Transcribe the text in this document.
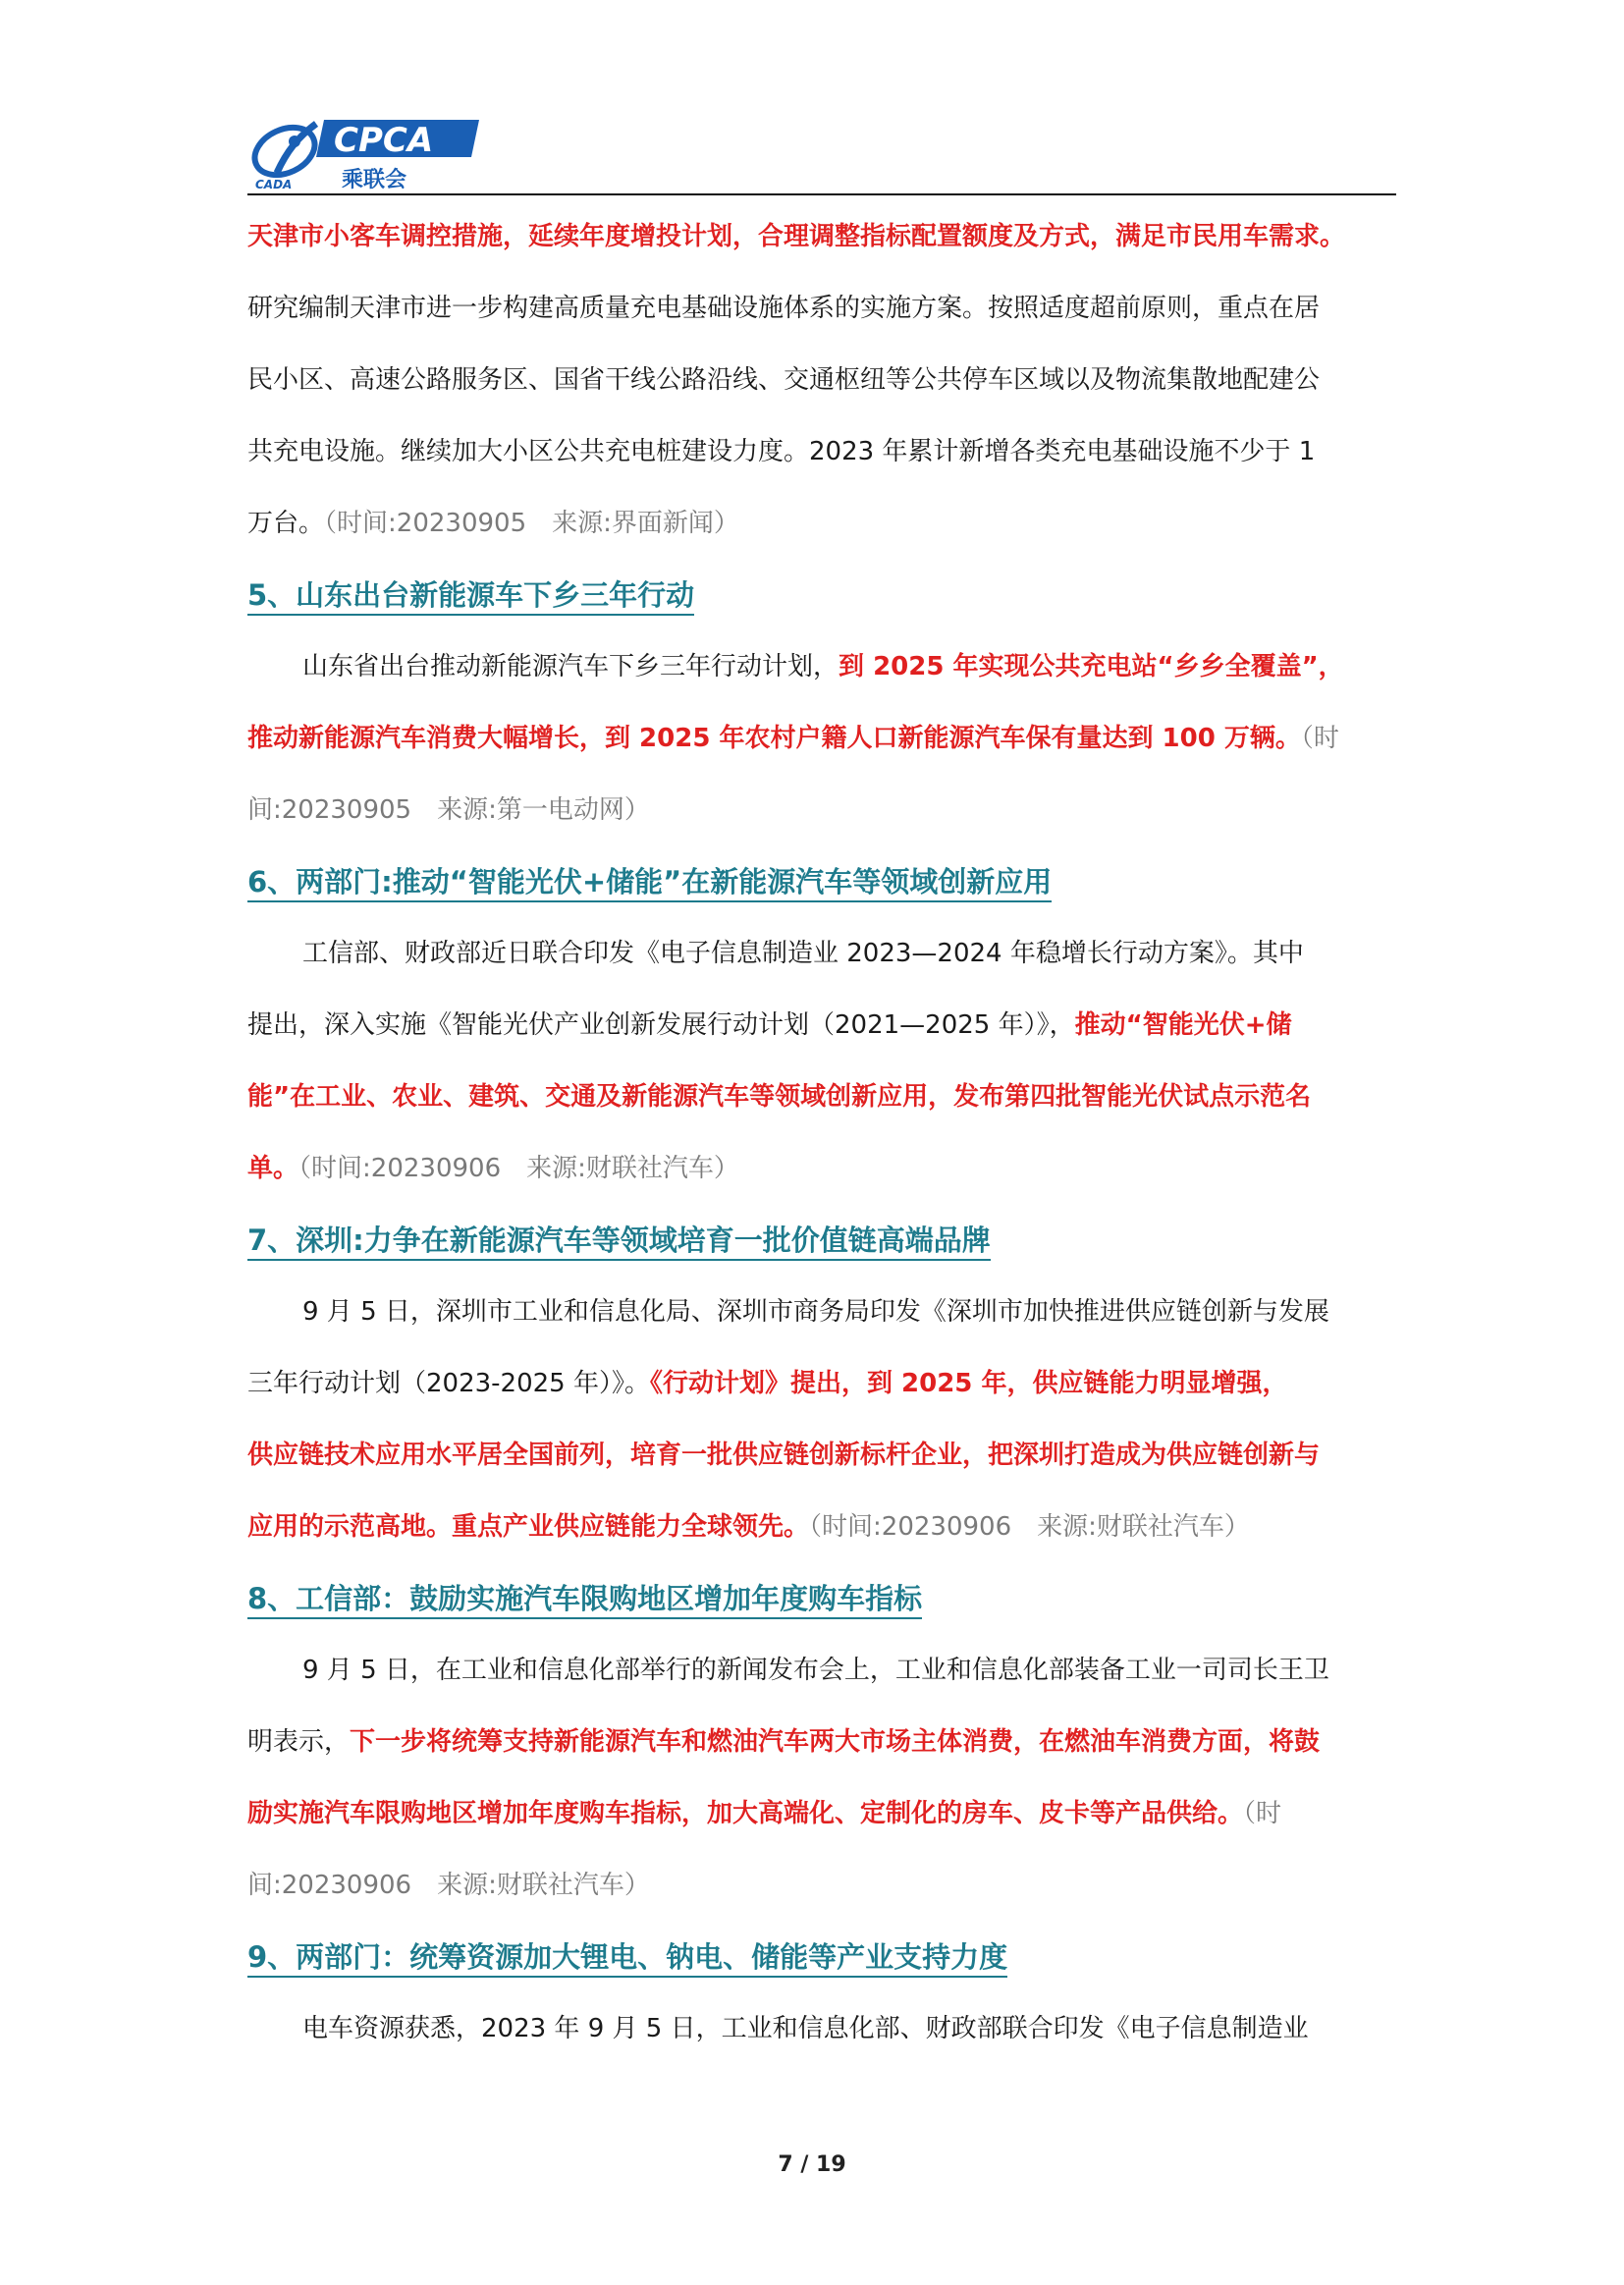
CPCA
乘联会
CADA
天津市小客车调控措施，延续年度增投计划，合理调整指标配置额度及方式，满足市民用车需求。
研究编制天津市进一步构建高质量充电基础设施体系的实施方案。按照适度超前原则，重点在居
民小区、高速公路服务区、国省干线公路沿线、交通枢纽等公共停车区域以及物流集散地配建公
共充电设施。继续加大小区公共充电桩建设力度。2023 年累计新增各类充电基础设施不少于 1
万台。（时间:20230905　来源:界面新闻）
5、山东出台新能源车下乡三年行动
山东省出台推动新能源汽车下乡三年行动计划，到 2025 年实现公共充电站“乡乡全覆盖”，
推动新能源汽车消费大幅增长，到 2025 年农村户籍人口新能源汽车保有量达到 100 万辆。（时
间:20230905　来源:第一电动网）
6、两部门:推动“智能光伏+储能”在新能源汽车等领域创新应用
工信部、财政部近日联合印发《电子信息制造业 2023—2024 年稳增长行动方案》。其中
提出，深入实施《智能光伏产业创新发展行动计划（2021—2025 年）》，推动“智能光伏+储
能”在工业、农业、建筑、交通及新能源汽车等领域创新应用，发布第四批智能光伏试点示范名
单。（时间:20230906　来源:财联社汽车）
7、深圳:力争在新能源汽车等领域培育一批价值链高端品牌
9 月 5 日，深圳市工业和信息化局、深圳市商务局印发《深圳市加快推进供应链创新与发展
三年行动计划（2023-2025 年）》。《行动计划》提出，到 2025 年，供应链能力明显增强，
供应链技术应用水平居全国前列，培育一批供应链创新标杆企业，把深圳打造成为供应链创新与
应用的示范高地。重点产业供应链能力全球领先。（时间:20230906　来源:财联社汽车）
8、工信部：鼓励实施汽车限购地区增加年度购车指标
9 月 5 日，在工业和信息化部举行的新闻发布会上，工业和信息化部装备工业一司司长王卫
明表示，下一步将统筹支持新能源汽车和燃油汽车两大市场主体消费，在燃油车消费方面，将鼓
励实施汽车限购地区增加年度购车指标，加大高端化、定制化的房车、皮卡等产品供给。（时
间:20230906　来源:财联社汽车）
9、两部门：统筹资源加大锂电、钠电、储能等产业支持力度
电车资源获悉，2023 年 9 月 5 日，工业和信息化部、财政部联合印发《电子信息制造业
7 / 19
